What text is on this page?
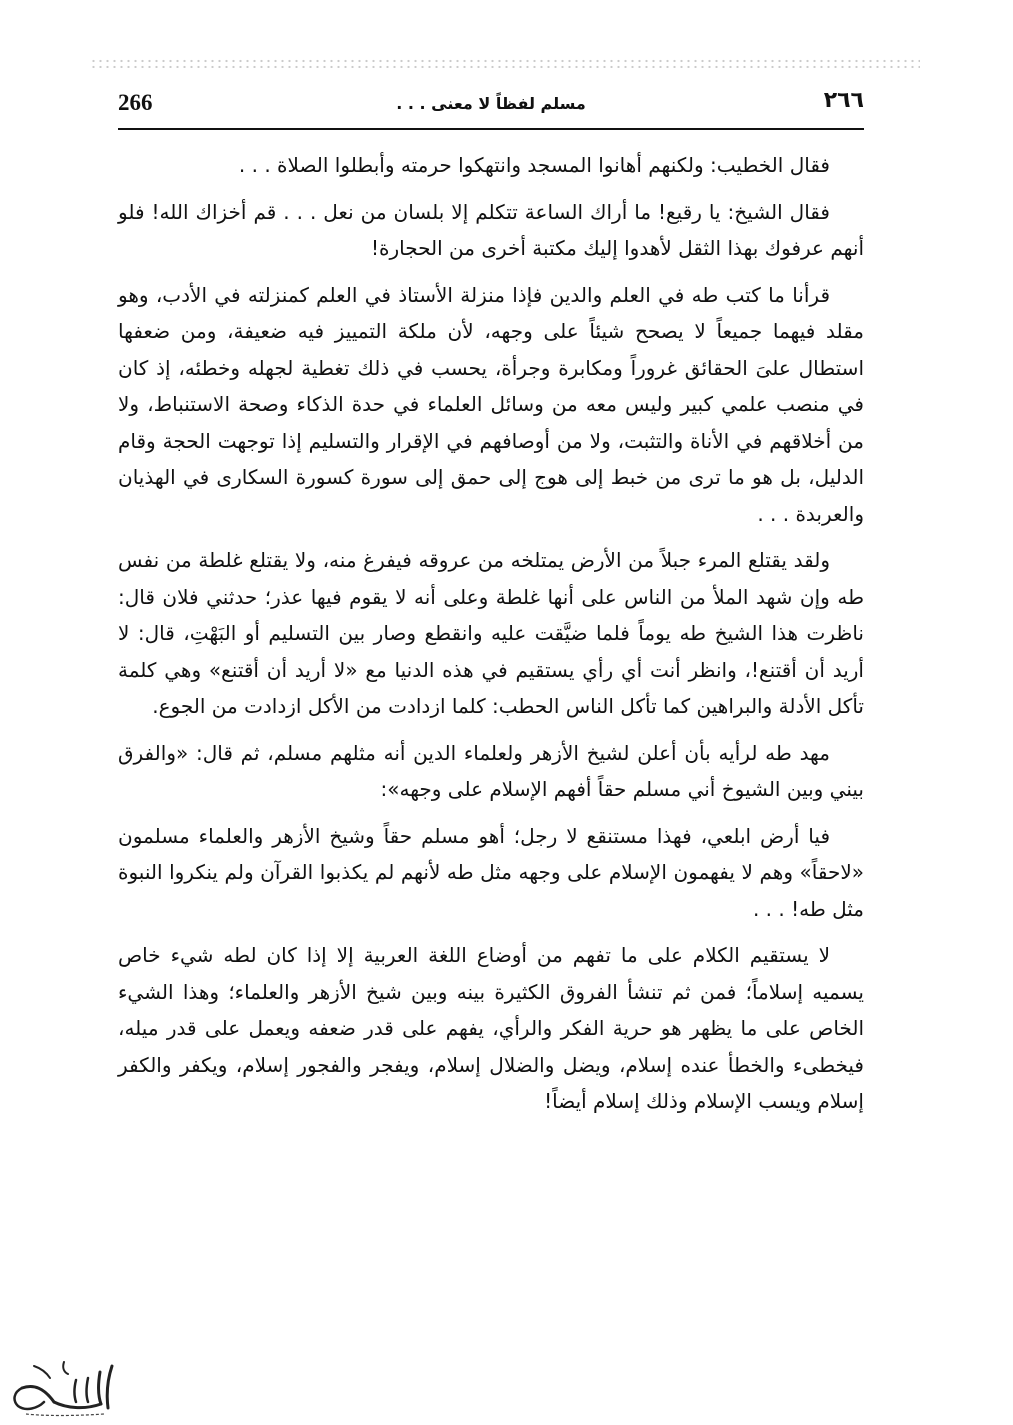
266	مسلم لفظاً لا معنى . . .	٢٦٦

فقال الخطيب: ولكنهم أهانوا المسجد وانتهكوا حرمته وأبطلوا الصلاة . . .

فقال الشيخ: يا رقيع! ما أراك الساعة تتكلم إلا بلسان من نعل . . . قم أخزاك الله! فلو أنهم عرفوك بهذا الثقل لأهدوا إليك مكتبة أخرى من الحجارة!

قرأنا ما كتب طه في العلم والدين فإذا منزلة الأستاذ في العلم كمنزلته في الأدب، وهو مقلد فيهما جميعاً لا يصحح شيئاً على وجهه، لأن ملكة التمييز فيه ضعيفة، ومن ضعفها استطال علىَ الحقائق غروراً ومكابرة وجرأة، يحسب في ذلك تغطية لجهله وخطئه، إذ كان في منصب علمي كبير وليس معه من وسائل العلماء في حدة الذكاء وصحة الاستنباط، ولا من أخلاقهم في الأناة والتثبت، ولا من أوصافهم في الإقرار والتسليم إذا توجهت الحجة وقام الدليل، بل هو ما ترى من خبط إلى هوج إلى حمق إلى سورة كسورة السكارى في الهذيان والعربدة . . .

ولقد يقتلع المرء جبلاً من الأرض يمتلخه من عروقه فيفرغ منه، ولا يقتلع غلطة من نفس طه وإن شهد الملأ من الناس على أنها غلطة وعلى أنه لا يقوم فيها عذر؛ حدثني فلان قال: ناظرت هذا الشيخ طه يوماً فلما ضيَّقت عليه وانقطع وصار بين التسليم أو البَهْتِ، قال: لا أريد أن أقتنع!، وانظر أنت أي رأي يستقيم في هذه الدنيا مع «لا أريد أن أقتنع» وهي كلمة تأكل الأدلة والبراهين كما تأكل الناس الحطب: كلما ازدادت من الأكل ازدادت من الجوع.

مهد طه لرأيه بأن أعلن لشيخ الأزهر ولعلماء الدين أنه مثلهم مسلم، ثم قال: «والفرق بيني وبين الشيوخ أني مسلم حقاً أفهم الإسلام على وجهه»:

فيا أرض ابلعي، فهذا مستنقع لا رجل؛ أهو مسلم حقاً وشيخ الأزهر والعلماء مسلمون «لاحقاً» وهم لا يفهمون الإسلام على وجهه مثل طه لأنهم لم يكذبوا القرآن ولم ينكروا النبوة مثل طه! . . .

لا يستقيم الكلام على ما تفهم من أوضاع اللغة العربية إلا إذا كان لطه شيء خاص يسميه إسلاماً؛ فمن ثم تنشأ الفروق الكثيرة بينه وبين شيخ الأزهر والعلماء؛ وهذا الشيء الخاص على ما يظهر هو حرية الفكر والرأي، يفهم على قدر ضعفه ويعمل على قدر ميله، فيخطىء والخطأ عنده إسلام، ويضل والضلال إسلام، ويفجر والفجور إسلام، ويكفر والكفر إسلام ويسب الإسلام وذلك إسلام أيضاً!
